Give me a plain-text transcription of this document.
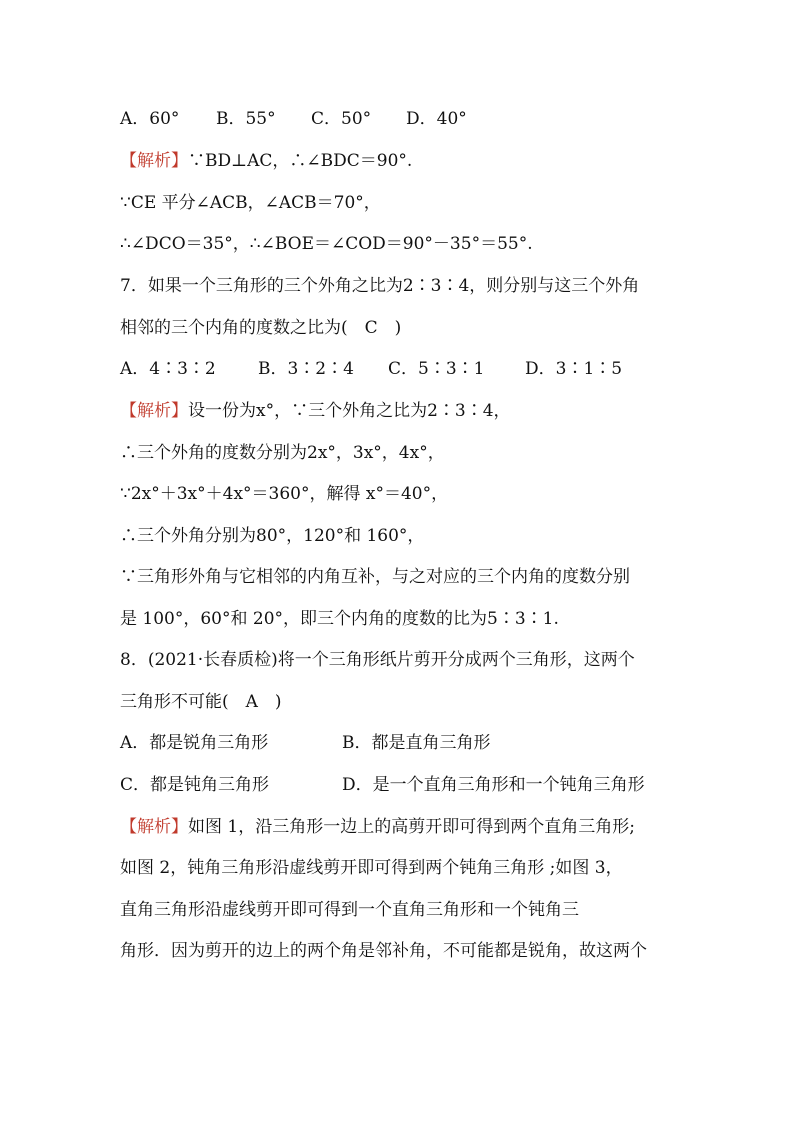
A．60° B．55° C．50° D．40°
【解析】∵BD⊥AC，∴∠BDC＝90°.
∵CE 平分∠ACB，∠ACB＝70°，
∴∠DCO＝35°，∴∠BOE＝∠COD＝90°－35°＝55°.
7．如果一个三角形的三个外角之比为2∶3∶4，则分别与这三个外角
相邻的三个内角的度数之比为(　C　)
A．4∶3∶2 B．3∶2∶4 C．5∶3∶1 D．3∶1∶5
【解析】设一份为x°，∵三个外角之比为2∶3∶4，
∴三个外角的度数分别为2x°，3x°，4x°，
∵2x°＋3x°＋4x°＝360°，解得 x°＝40°，
∴三个外角分别为80°，120°和 160°，
∵三角形外角与它相邻的内角互补，与之对应的三个内角的度数分别
是 100°，60°和 20°，即三个内角的度数的比为5∶3∶1.
8．(2021·长春质检)将一个三角形纸片剪开分成两个三角形，这两个
三角形不可能(　A　)
A．都是锐角三角形	B．都是直角三角形
C．都是钝角三角形	D．是一个直角三角形和一个钝角三角形
【解析】如图 1，沿三角形一边上的高剪开即可得到两个直角三角形;
如图 2，钝角三角形沿虚线剪开即可得到两个钝角三角形 ;如图 3，
直角三角形沿虚线剪开即可得到一个直角三角形和一个钝角三
角形．因为剪开的边上的两个角是邻补角，不可能都是锐角，故这两个
